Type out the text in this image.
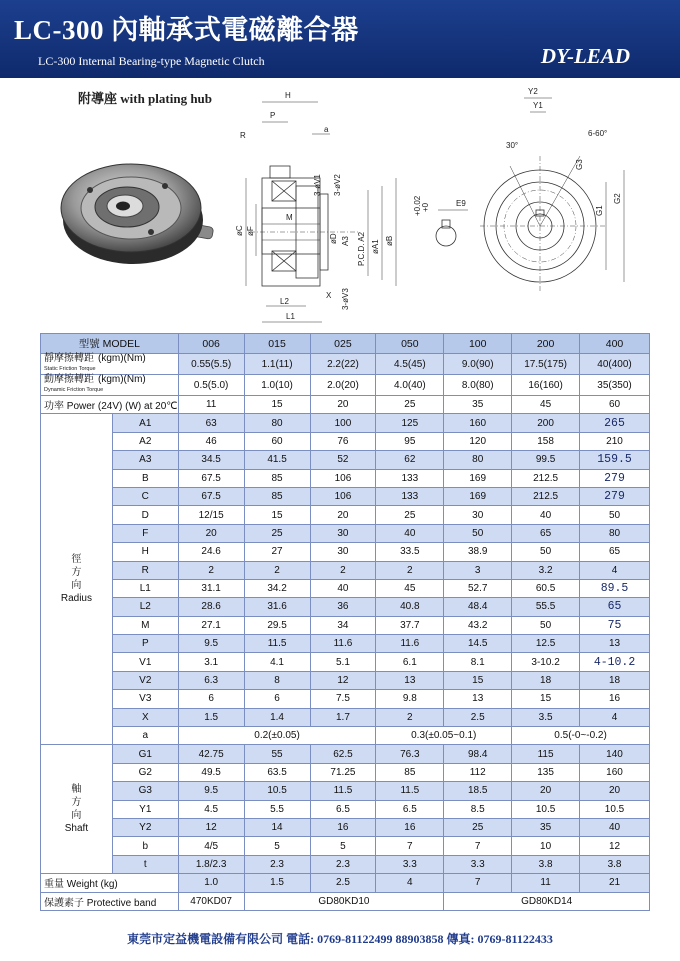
LC-300 內軸承式電磁離合器
LC-300 Internal Bearing-type Magnetic Clutch	DY-LEAD
附導座 with plating hub	H
P
R
a
M
øC øF
3-øV1 3-øV2
øD A3 P.C.D. A2 øA1 øB
X 3-øV3
L2
L1
+0.02 +0	E9
Y2
Y1
30°
6-60°
G3
G1
G2
型號 MODEL		006	015	025	050	100	200	400
靜摩擦轉距 (kgm)(Nm)
Static Friction Torque		0.55(5.5)	1.1(11)	2.2(22)	4.5(45)	9.0(90)	17.5(175)	40(400)
動摩擦轉距 (kgm)(Nm)
Dynamic Friction Torque		0.5(5.0)	1.0(10)	2.0(20)	4.0(40)	8.0(80)	16(160)	35(350)
功率 Power (24V) (W) at 20℃		11	15	20	25	35	45	60

徑
方
向
Radius	A1	63	80	100	125	160	200	265
	A2	46	60	76	95	120	158	210
	A3	34.5	41.5	52	62	80	99.5	159.5
	B	67.5	85	106	133	169	212.5	279
	C	67.5	85	106	133	169	212.5	279
	D	12/15	15	20	25	30	40	50
	F	20	25	30	40	50	65	80
	H	24.6	27	30	33.5	38.9	50	65
	R	2	2	2	2	3	3.2	4
	L1	31.1	34.2	40	45	52.7	60.5	89.5
	L2	28.6	31.6	36	40.8	48.4	55.5	65
	M	27.1	29.5	34	37.7	43.2	50	75
	P	9.5	11.5	11.6	11.6	14.5	12.5	13
	V1	3.1	4.1	5.1	6.1	8.1	3-10.2	4-10.2
	V2	6.3	8	12	13	15	18	18
	V3	6	6	7.5	9.8	13	15	16
	X	1.5	1.4	1.7	2	2.5	3.5	4
	a	0.2(±0.05)			0.3(±0.05~0.1)		0.5(-0~-0.2)	

軸
方
向
Shaft	G1	42.75	55	62.5	76.3	98.4	115	140
	G2	49.5	63.5	71.25	85	112	135	160
	G3	9.5	10.5	11.5	11.5	18.5	20	20
	Y1	4.5	5.5	6.5	6.5	8.5	10.5	10.5
	Y2	12	14	16	16	25	35	40
	b	4/5	5	5	7	7	10	12
	t	1.8/2.3	2.3	2.3	3.3	3.3	3.8	3.8
重量 Weight (kg)		1.0	1.5	2.5	4	7	11	21
保護素子 Protective band		470KD07	GD80KD10			GD80KD14		
東莞市定益機電設備有限公司 電話: 0769-81122499 88903858 傳真: 0769-81122433
